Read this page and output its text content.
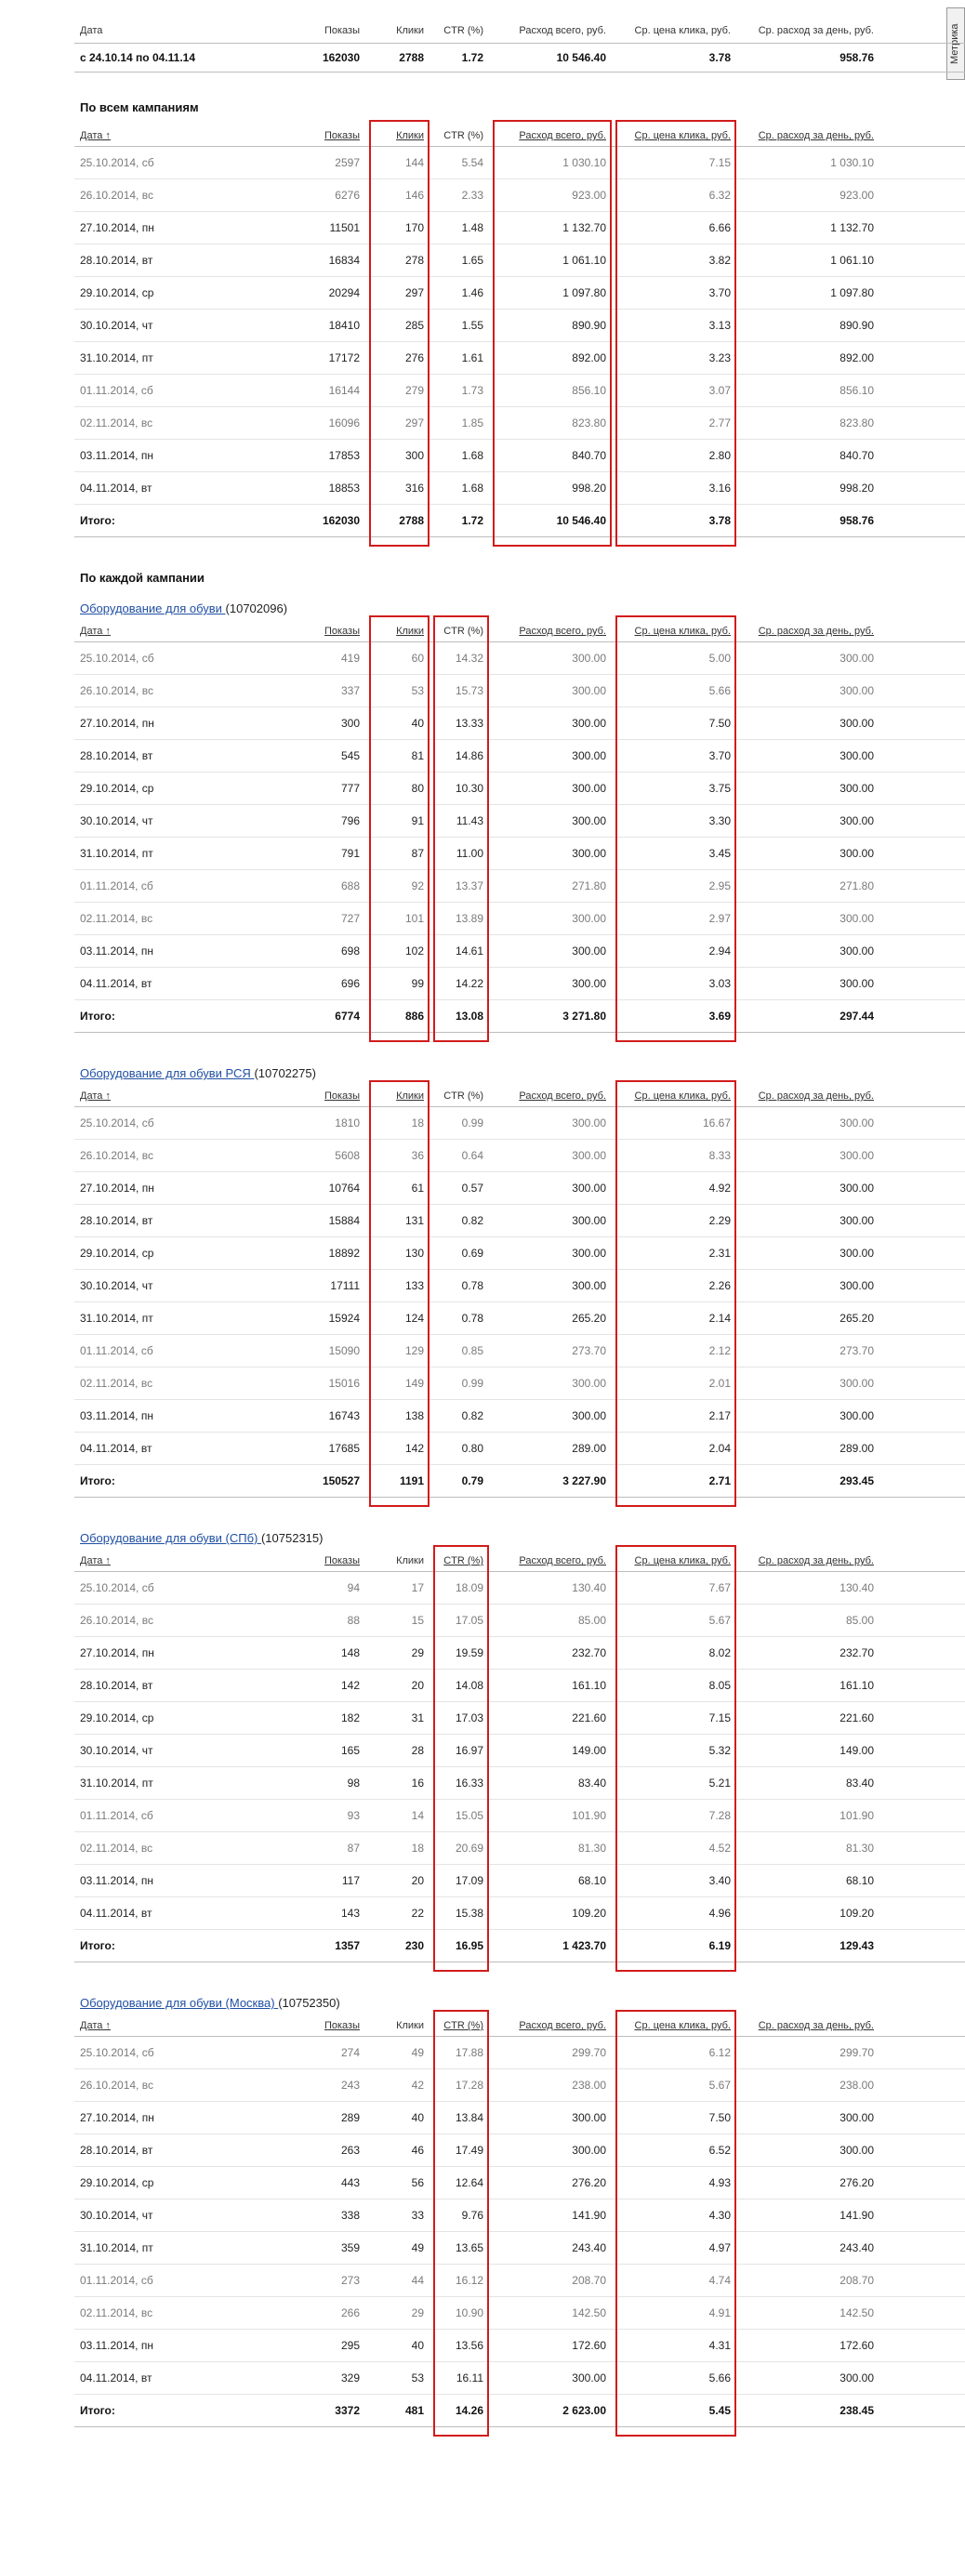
Метрика
Дата	Показы	Клики	CTR (%)	Расход всего, руб.	Ср. цена клика, руб.	Ср. расход за день, руб.	
с 24.10.14 по 04.11.14	162030	2788	1.72	10 546.40	3.78	958.76	
По всем кампаниям
Дата ↑	Показы	Клики	CTR (%)	Расход всего, руб.	Ср. цена клика, руб.	Ср. расход за день, руб.	
25.10.2014, сб	2597	144	5.54	1 030.10	7.15	1 030.10	
26.10.2014, вс	6276	146	2.33	923.00	6.32	923.00	
27.10.2014, пн	11501	170	1.48	1 132.70	6.66	1 132.70	
28.10.2014, вт	16834	278	1.65	1 061.10	3.82	1 061.10	
29.10.2014, ср	20294	297	1.46	1 097.80	3.70	1 097.80	
30.10.2014, чт	18410	285	1.55	890.90	3.13	890.90	
31.10.2014, пт	17172	276	1.61	892.00	3.23	892.00	
01.11.2014, сб	16144	279	1.73	856.10	3.07	856.10	
02.11.2014, вс	16096	297	1.85	823.80	2.77	823.80	
03.11.2014, пн	17853	300	1.68	840.70	2.80	840.70	
04.11.2014, вт	18853	316	1.68	998.20	3.16	998.20	
Итого:	162030	2788	1.72	10 546.40	3.78	958.76	
По каждой кампании
Оборудование для обуви (10702096)
Дата ↑	Показы	Клики	CTR (%)	Расход всего, руб.	Ср. цена клика, руб.	Ср. расход за день, руб.	
25.10.2014, сб	419	60	14.32	300.00	5.00	300.00	
26.10.2014, вс	337	53	15.73	300.00	5.66	300.00	
27.10.2014, пн	300	40	13.33	300.00	7.50	300.00	
28.10.2014, вт	545	81	14.86	300.00	3.70	300.00	
29.10.2014, ср	777	80	10.30	300.00	3.75	300.00	
30.10.2014, чт	796	91	11.43	300.00	3.30	300.00	
31.10.2014, пт	791	87	11.00	300.00	3.45	300.00	
01.11.2014, сб	688	92	13.37	271.80	2.95	271.80	
02.11.2014, вс	727	101	13.89	300.00	2.97	300.00	
03.11.2014, пн	698	102	14.61	300.00	2.94	300.00	
04.11.2014, вт	696	99	14.22	300.00	3.03	300.00	
Итого:	6774	886	13.08	3 271.80	3.69	297.44	
Оборудование для обуви РСЯ (10702275)
Дата ↑	Показы	Клики	CTR (%)	Расход всего, руб.	Ср. цена клика, руб.	Ср. расход за день, руб.	
25.10.2014, сб	1810	18	0.99	300.00	16.67	300.00	
26.10.2014, вс	5608	36	0.64	300.00	8.33	300.00	
27.10.2014, пн	10764	61	0.57	300.00	4.92	300.00	
28.10.2014, вт	15884	131	0.82	300.00	2.29	300.00	
29.10.2014, ср	18892	130	0.69	300.00	2.31	300.00	
30.10.2014, чт	17111	133	0.78	300.00	2.26	300.00	
31.10.2014, пт	15924	124	0.78	265.20	2.14	265.20	
01.11.2014, сб	15090	129	0.85	273.70	2.12	273.70	
02.11.2014, вс	15016	149	0.99	300.00	2.01	300.00	
03.11.2014, пн	16743	138	0.82	300.00	2.17	300.00	
04.11.2014, вт	17685	142	0.80	289.00	2.04	289.00	
Итого:	150527	1191	0.79	3 227.90	2.71	293.45	
Оборудование для обуви (СПб) (10752315)
Дата ↑	Показы	Клики	CTR (%)	Расход всего, руб.	Ср. цена клика, руб.	Ср. расход за день, руб.	
25.10.2014, сб	94	17	18.09	130.40	7.67	130.40	
26.10.2014, вс	88	15	17.05	85.00	5.67	85.00	
27.10.2014, пн	148	29	19.59	232.70	8.02	232.70	
28.10.2014, вт	142	20	14.08	161.10	8.05	161.10	
29.10.2014, ср	182	31	17.03	221.60	7.15	221.60	
30.10.2014, чт	165	28	16.97	149.00	5.32	149.00	
31.10.2014, пт	98	16	16.33	83.40	5.21	83.40	
01.11.2014, сб	93	14	15.05	101.90	7.28	101.90	
02.11.2014, вс	87	18	20.69	81.30	4.52	81.30	
03.11.2014, пн	117	20	17.09	68.10	3.40	68.10	
04.11.2014, вт	143	22	15.38	109.20	4.96	109.20	
Итого:	1357	230	16.95	1 423.70	6.19	129.43	
Оборудование для обуви (Москва) (10752350)
Дата ↑	Показы	Клики	CTR (%)	Расход всего, руб.	Ср. цена клика, руб.	Ср. расход за день, руб.	
25.10.2014, сб	274	49	17.88	299.70	6.12	299.70	
26.10.2014, вс	243	42	17.28	238.00	5.67	238.00	
27.10.2014, пн	289	40	13.84	300.00	7.50	300.00	
28.10.2014, вт	263	46	17.49	300.00	6.52	300.00	
29.10.2014, ср	443	56	12.64	276.20	4.93	276.20	
30.10.2014, чт	338	33	9.76	141.90	4.30	141.90	
31.10.2014, пт	359	49	13.65	243.40	4.97	243.40	
01.11.2014, сб	273	44	16.12	208.70	4.74	208.70	
02.11.2014, вс	266	29	10.90	142.50	4.91	142.50	
03.11.2014, пн	295	40	13.56	172.60	4.31	172.60	
04.11.2014, вт	329	53	16.11	300.00	5.66	300.00	
Итого:	3372	481	14.26	2 623.00	5.45	238.45	
